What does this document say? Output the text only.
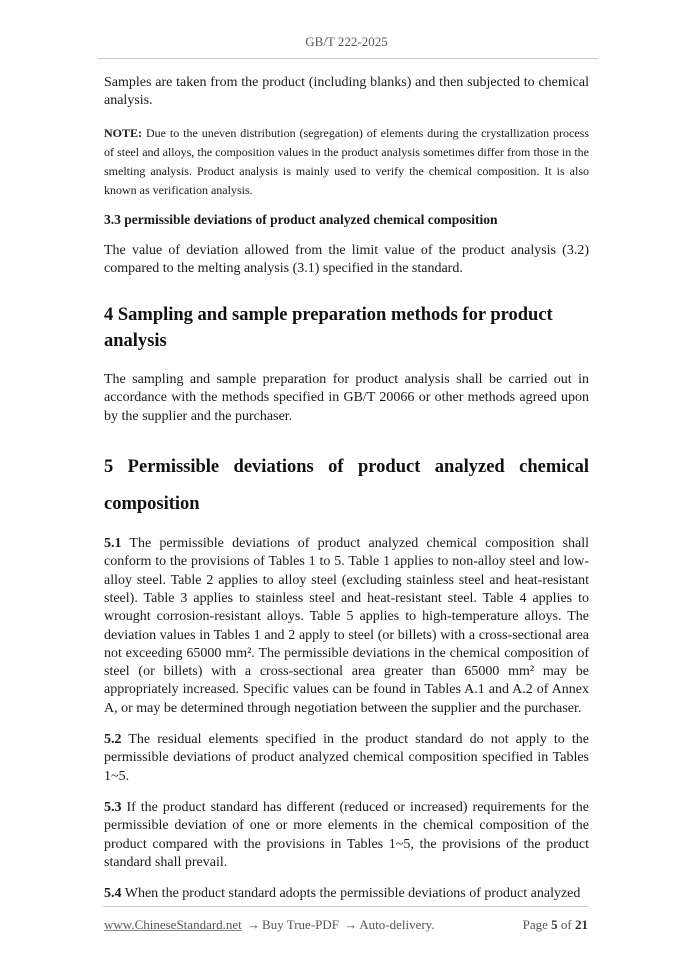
GB/T 222-2025

Samples are taken from the product (including blanks) and then subjected to chemical analysis.

NOTE: Due to the uneven distribution (segregation) of elements during the crystallization process of steel and alloys, the composition values in the product analysis sometimes differ from those in the smelting analysis. Product analysis is mainly used to verify the chemical composition. It is also known as verification analysis.

3.3 permissible deviations of product analyzed chemical composition

The value of deviation allowed from the limit value of the product analysis (3.2) compared to the melting analysis (3.1) specified in the standard.

4 Sampling and sample preparation methods for product analysis

The sampling and sample preparation for product analysis shall be carried out in accordance with the methods specified in GB/T 20066 or other methods agreed upon by the supplier and the purchaser.

5 Permissible deviations of product analyzed chemical composition

5.1 The permissible deviations of product analyzed chemical composition shall conform to the provisions of Tables 1 to 5. Table 1 applies to non-alloy steel and low-alloy steel. Table 2 applies to alloy steel (excluding stainless steel and heat-resistant steel). Table 3 applies to stainless steel and heat-resistant steel. Table 4 applies to wrought corrosion-resistant alloys. Table 5 applies to high-temperature alloys. The deviation values in Tables 1 and 2 apply to steel (or billets) with a cross-sectional area not exceeding 65000 mm². The permissible deviations in the chemical composition of steel (or billets) with a cross-sectional area greater than 65000 mm² may be appropriately increased. Specific values can be found in Tables A.1 and A.2 of Annex A, or may be determined through negotiation between the supplier and the purchaser.

5.2 The residual elements specified in the product standard do not apply to the permissible deviations of product analyzed chemical composition specified in Tables 1~5.

5.3 If the product standard has different (reduced or increased) requirements for the permissible deviation of one or more elements in the chemical composition of the product compared with the provisions in Tables 1~5, the provisions of the product standard shall prevail.

5.4 When the product standard adopts the permissible deviations of product analyzed

www.ChineseStandard.net → Buy True-PDF → Auto-delivery.	Page 5 of 21
